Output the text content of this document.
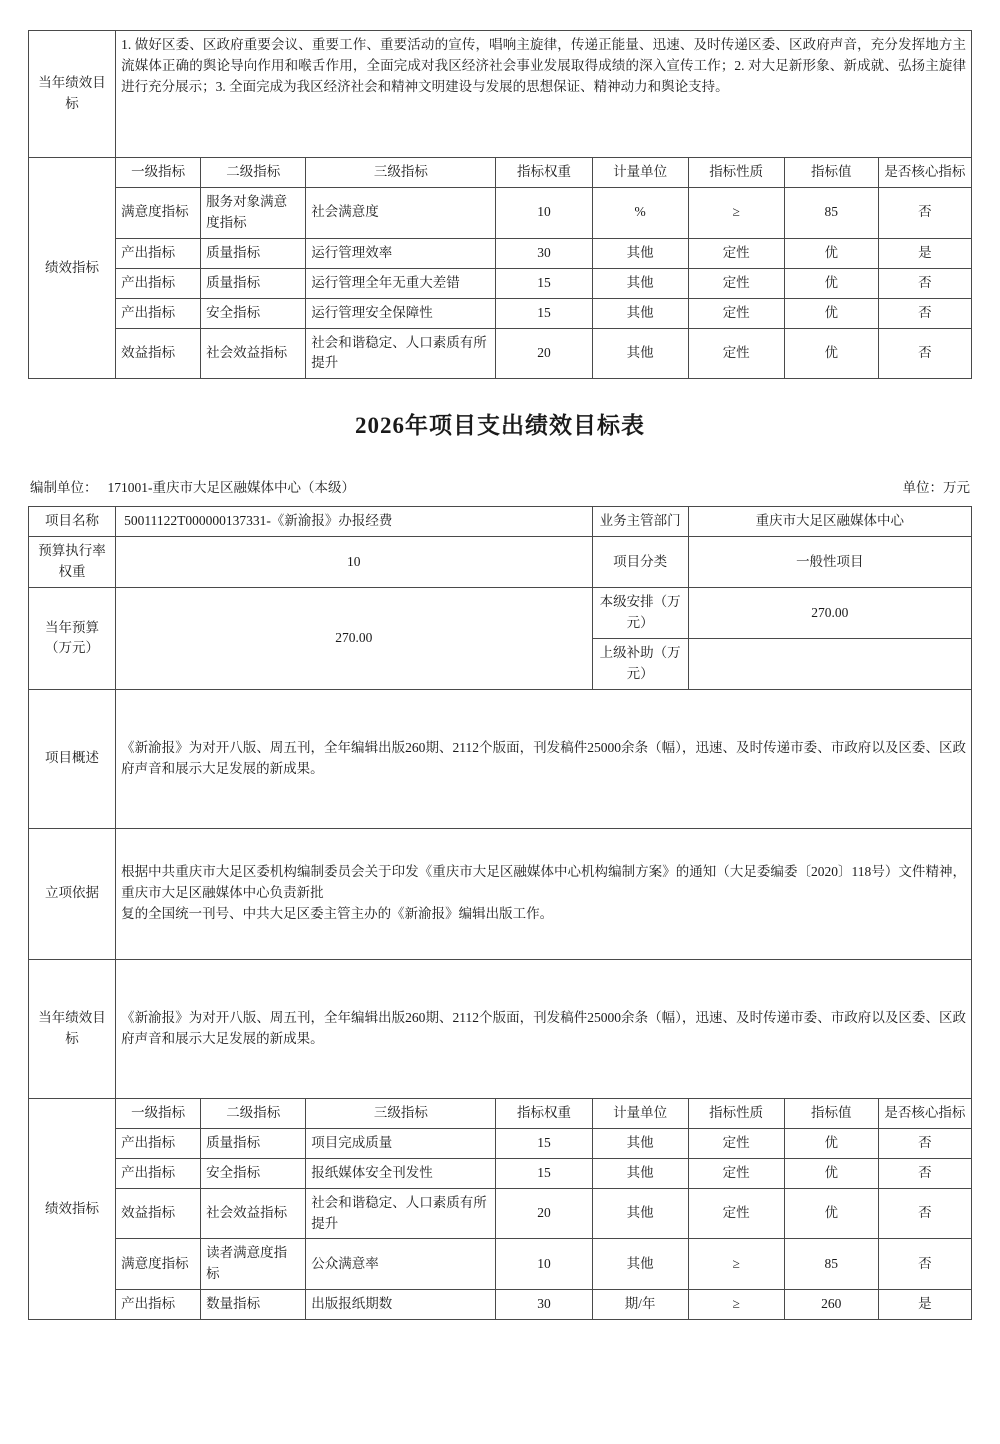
当年绩效目标	1. 做好区委、区政府重要会议、重要工作、重要活动的宣传，唱响主旋律，传递正能量、迅速、及时传递区委、区政府声音，充分发挥地方主流媒体正确的舆论导向作用和喉舌作用，全面完成对我区经济社会事业发展取得成绩的深入宣传工作；2. 对大足新形象、新成就、弘扬主旋律进行充分展示；3. 全面完成为我区经济社会和精神文明建设与发展的思想保证、精神动力和舆论支持。							
绩效指标	一级指标	二级指标	三级指标	指标权重	计量单位	指标性质	指标值	是否核心指标
	满意度指标	服务对象满意度指标	社会满意度	10	%	≥	85	否
	产出指标	质量指标	运行管理效率	30	其他	定性	优	是
	产出指标	质量指标	运行管理全年无重大差错	15	其他	定性	优	否
	产出指标	安全指标	运行管理安全保障性	15	其他	定性	优	否
	效益指标	社会效益指标	社会和谐稳定、人口素质有所提升	20	其他	定性	优	否
2026年项目支出绩效目标表
编制单位： 171001-重庆市大足区融媒体中心（本级）	单位：万元
项目名称	50011122T000000137331-《新渝报》办报经费				业务主管部门	重庆市大足区融媒体中心		
预算执行率权重	10				项目分类	一般性项目		
当年预算（万元）	270.00				本级安排（万元）	270.00		
					上级补助（万元）			
项目概述	《新渝报》为对开八版、周五刊，全年编辑出版260期、2112个版面，刊发稿件25000余条（幅），迅速、及时传递市委、市政府以及区委、区政府声音和展示大足发展的新成果。							
立项依据	根据中共重庆市大足区委机构编制委员会关于印发《重庆市大足区融媒体中心机构编制方案》的通知（大足委编委〔2020〕118号）文件精神，重庆市大足区融媒体中心负责新批

复的全国统一刊号、中共大足区委主管主办的《新渝报》编辑出版工作。							

当年绩效目标	《新渝报》为对开八版、周五刊，全年编辑出版260期、2112个版面，刊发稿件25000余条（幅），迅速、及时传递市委、市政府以及区委、区政府声音和展示大足发展的新成果。							
绩效指标	一级指标	二级指标	三级指标	指标权重	计量单位	指标性质	指标值	是否核心指标
	产出指标	质量指标	项目完成质量	15	其他	定性	优	否
	产出指标	安全指标	报纸媒体安全刊发性	15	其他	定性	优	否
	效益指标	社会效益指标	社会和谐稳定、人口素质有所提升	20	其他	定性	优	否
	满意度指标	读者满意度指标	公众满意率	10	其他	≥	85	否
	产出指标	数量指标	出版报纸期数	30	期/年	≥	260	是
